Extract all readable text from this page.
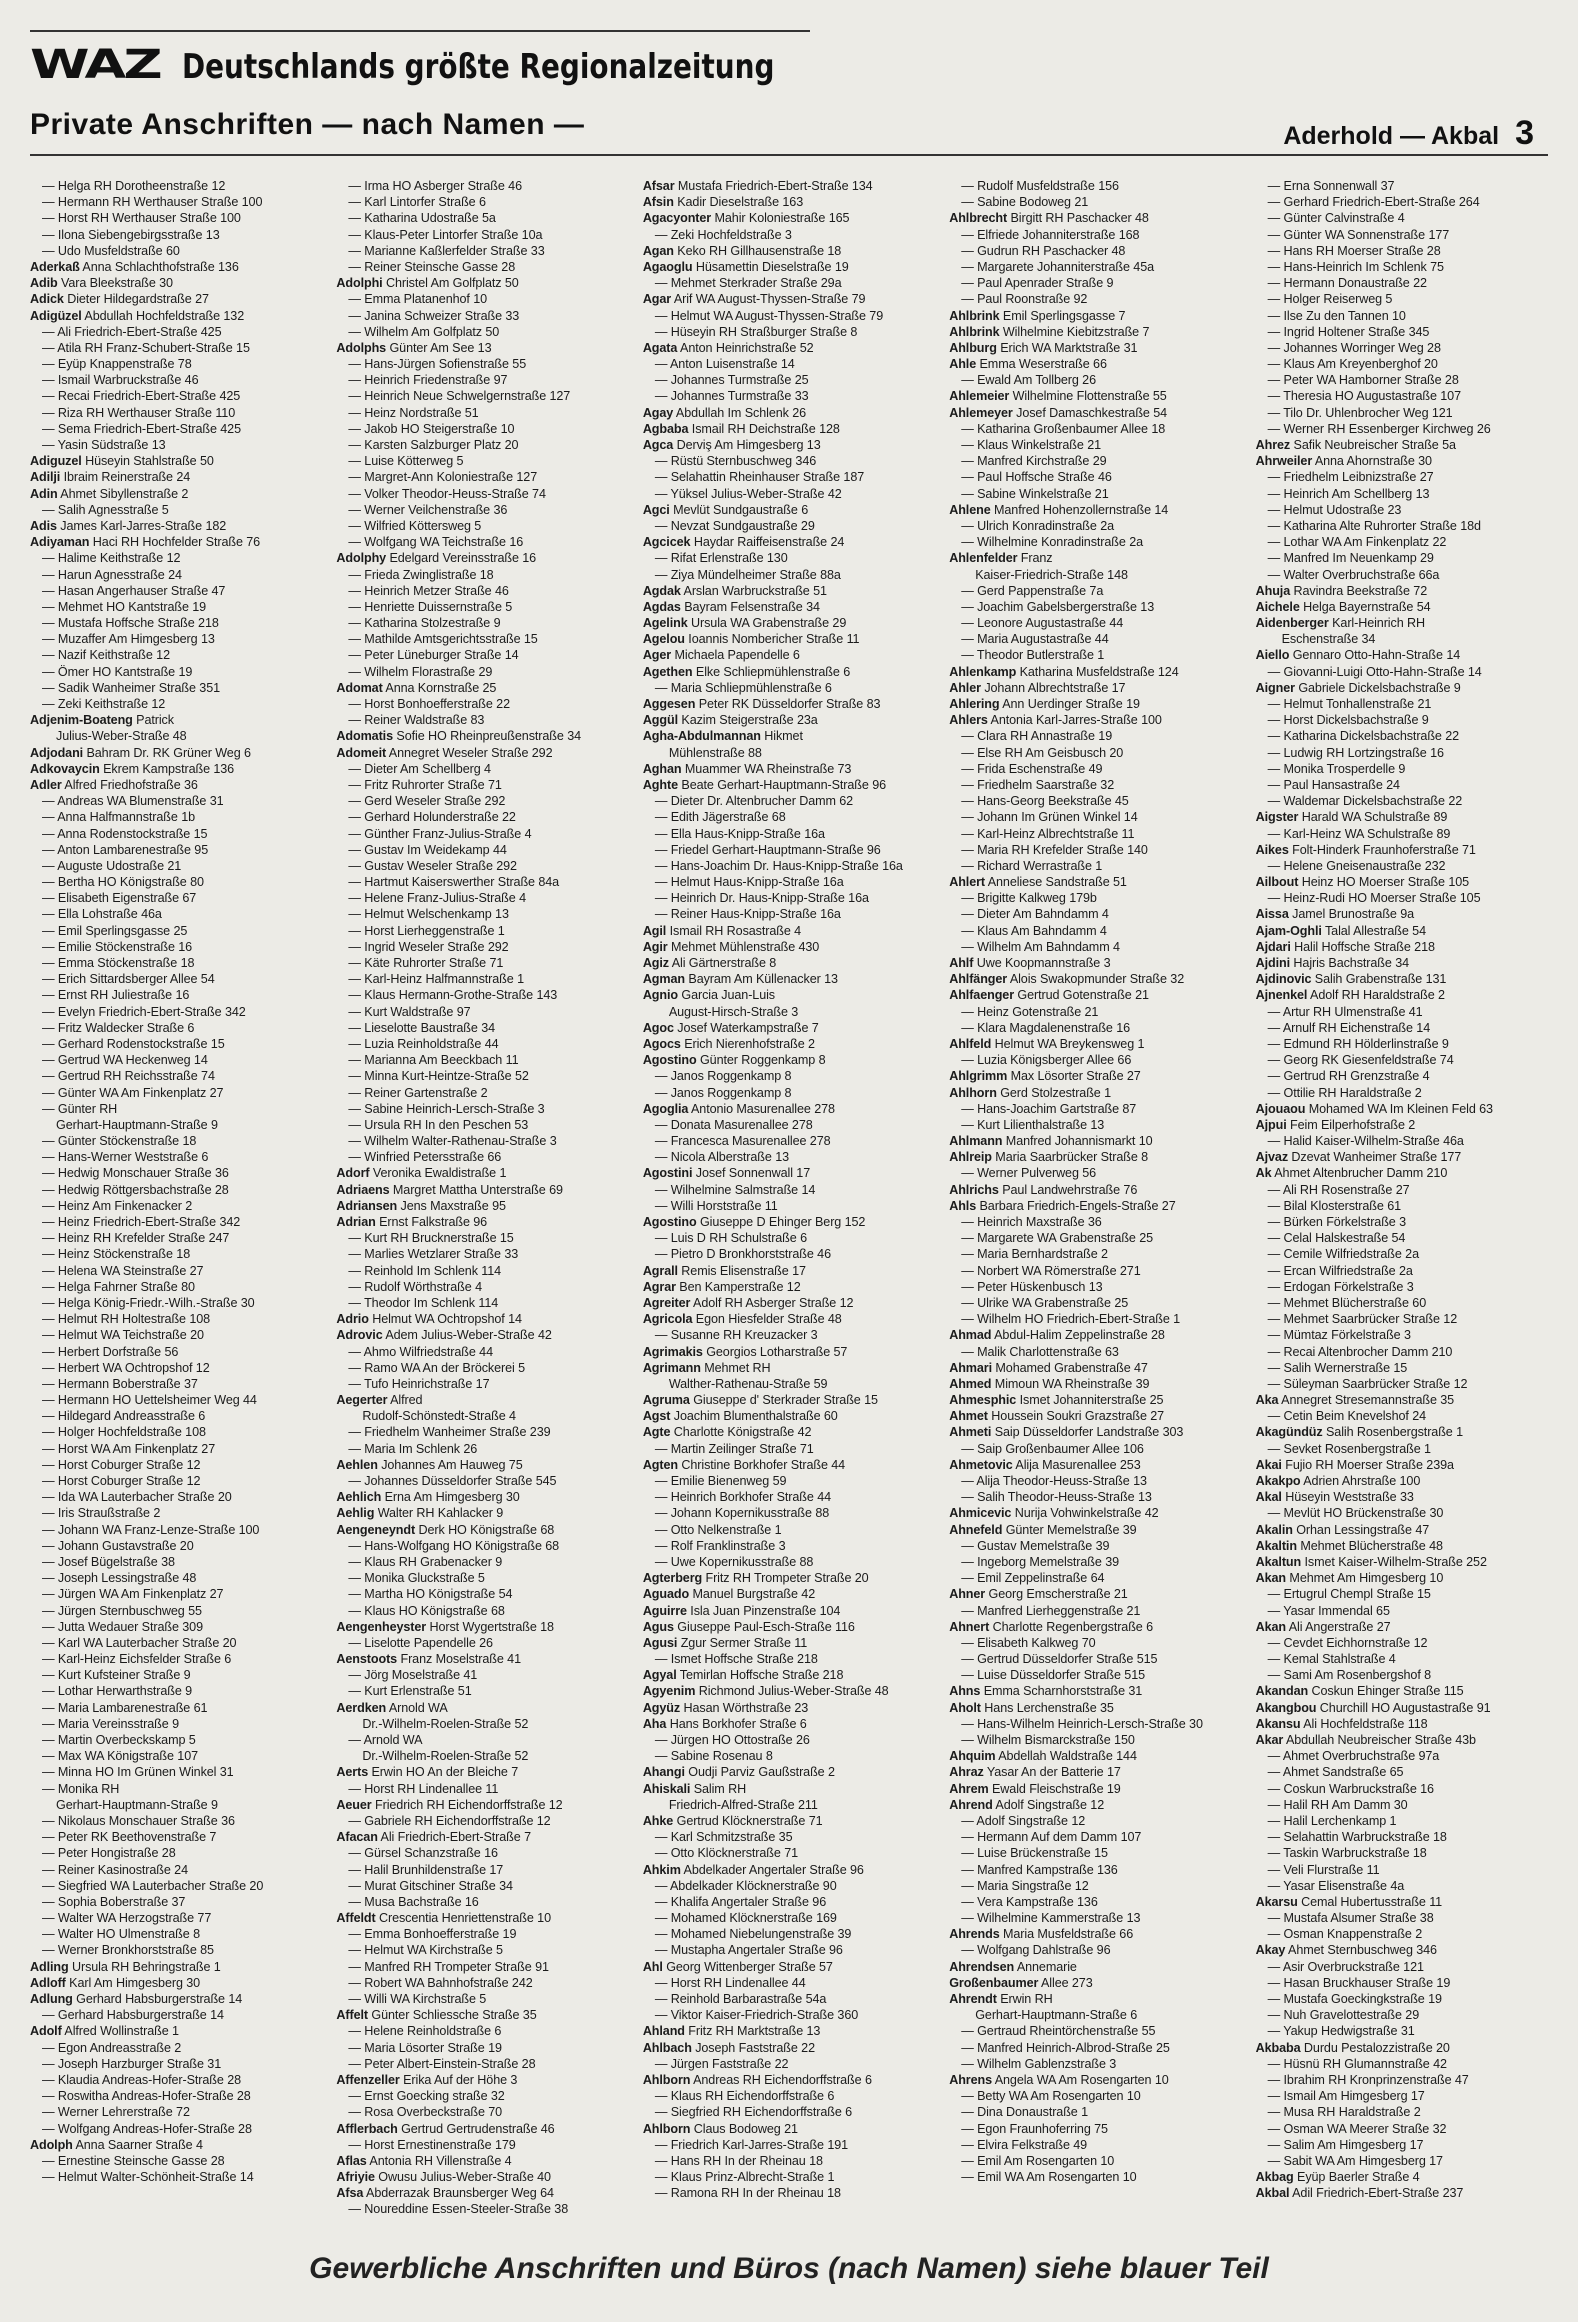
WAZ Deutschlands größte Regionalzeitung
Private Anschriften — nach Namen —	Aderhold — Akbal 3
— Helga RH Dorotheenstraße 12
— Hermann RH Werthauser Straße 100
— Horst RH Werthauser Straße 100
— Ilona Siebengebirgsstraße 13
— Udo Musfeldstraße 60
Aderkaß Anna Schlachthofstraße 136
Adib Vara Bleekstraße 30
Adick Dieter Hildegardstraße 27
Adigüzel Abdullah Hochfeldstraße 132
— Ali Friedrich-Ebert-Straße 425
— Atila RH Franz-Schubert-Straße 15
— Eyüp Knappenstraße 78
— Ismail Warbruckstraße 46
— Recai Friedrich-Ebert-Straße 425
— Riza RH Werthauser Straße 110
— Sema Friedrich-Ebert-Straße 425
— Yasin Südstraße 13
Adiguzel Hüseyin Stahlstraße 50
Adilji Ibraim Reinerstraße 24
Adin Ahmet Sibyllenstraße 2
— Salih Agnesstraße 5
Adis James Karl-Jarres-Straße 182
Adiyaman Haci RH Hochfelder Straße 76
— Halime Keithstraße 12
— Harun Agnesstraße 24
— Hasan Angerhauser Straße 47
— Mehmet HO Kantstraße 19
— Mustafa Hoffsche Straße 218
— Muzaffer Am Himgesberg 13
— Nazif Keithstraße 12
— Ömer HO Kantstraße 19
— Sadik Wanheimer Straße 351
— Zeki Keithstraße 12
Adjenim-Boateng Patrick
Julius-Weber-Straße 48
Adjodani Bahram Dr. RK Grüner Weg 6
Adkovaycin Ekrem Kampstraße 136
Adler Alfred Friedhofstraße 36
— Andreas WA Blumenstraße 31
— Anna Halfmannstraße 1b
— Anna Rodenstockstraße 15
— Anton Lambarenestraße 95
— Auguste Udostraße 21
— Bertha HO Königstraße 80
— Elisabeth Eigenstraße 67
— Ella Lohstraße 46a
— Emil Sperlingsgasse 25
— Emilie Stöckenstraße 16
— Emma Stöckenstraße 18
— Erich Sittardsberger Allee 54
— Ernst RH Juliestraße 16
— Evelyn Friedrich-Ebert-Straße 342
— Fritz Waldecker Straße 6
— Gerhard Rodenstockstraße 15
— Gertrud WA Heckenweg 14
— Gertrud RH Reichsstraße 74
— Günter WA Am Finkenplatz 27
— Günter RH
Gerhart-Hauptmann-Straße 9
— Günter Stöckenstraße 18
— Hans-Werner Weststraße 6
— Hedwig Monschauer Straße 36
— Hedwig Röttgersbachstraße 28
— Heinz Am Finkenacker 2
— Heinz Friedrich-Ebert-Straße 342
— Heinz RH Krefelder Straße 247
— Heinz Stöckenstraße 18
— Helena WA Steinstraße 27
— Helga Fahrner Straße 80
— Helga König-Friedr.-Wilh.-Straße 30
— Helmut RH Holtestraße 108
— Helmut WA Teichstraße 20
— Herbert Dorfstraße 56
— Herbert WA Ochtropshof 12
— Hermann Boberstraße 37
— Hermann HO Uettelsheimer Weg 44
— Hildegard Andreasstraße 6
— Holger Hochfeldstraße 108
— Horst WA Am Finkenplatz 27
— Horst Coburger Straße 12
— Horst Coburger Straße 12
— Ida WA Lauterbacher Straße 20
— Iris Straußstraße 2
— Johann WA Franz-Lenze-Straße 100
— Johann Gustavstraße 20
— Josef Bügelstraße 38
— Joseph Lessingstraße 48
— Jürgen WA Am Finkenplatz 27
— Jürgen Sternbuschweg 55
— Jutta Wedauer Straße 309
— Karl WA Lauterbacher Straße 20
— Karl-Heinz Eichsfelder Straße 6
— Kurt Kufsteiner Straße 9
— Lothar Herwarthstraße 9
— Maria Lambarenestraße 61
— Maria Vereinsstraße 9
— Martin Overbeckskamp 5
— Max WA Königstraße 107
— Minna HO Im Grünen Winkel 31
— Monika RH
Gerhart-Hauptmann-Straße 9
— Nikolaus Monschauer Straße 36
— Peter RK Beethovenstraße 7
— Peter Hongistraße 28
— Reiner Kasinostraße 24
— Siegfried WA Lauterbacher Straße 20
— Sophia Boberstraße 37
— Walter WA Herzogstraße 77
— Walter HO Ulmenstraße 8
— Werner Bronkhorststraße 85
Adling Ursula RH Behringstraße 1
Adloff Karl Am Himgesberg 30
Adlung Gerhard Habsburgerstraße 14
— Gerhard Habsburgerstraße 14
Adolf Alfred Wollinstraße 1
— Egon Andreasstraße 2
— Joseph Harzburger Straße 31
— Klaudia Andreas-Hofer-Straße 28
— Roswitha Andreas-Hofer-Straße 28
— Werner Lehrerstraße 72
— Wolfgang Andreas-Hofer-Straße 28
Adolph Anna Saarner Straße 4
— Ernestine Steinsche Gasse 28
— Helmut Walter-Schönheit-Straße 14
— Irma HO Asberger Straße 46
— Karl Lintorfer Straße 6
— Katharina Udostraße 5a
— Klaus-Peter Lintorfer Straße 10a
— Marianne Kaßlerfelder Straße 33
— Reiner Steinsche Gasse 28
Adolphi Christel Am Golfplatz 50
— Emma Platanenhof 10
— Janina Schweizer Straße 33
— Wilhelm Am Golfplatz 50
Adolphs Günter Am See 13
— Hans-Jürgen Sofienstraße 55
— Heinrich Friedenstraße 97
— Heinrich Neue Schwelgernstraße 127
— Heinz Nordstraße 51
— Jakob HO Steigerstraße 10
— Karsten Salzburger Platz 20
— Luise Kötterweg 5
— Margret-Ann Koloniestraße 127
— Volker Theodor-Heuss-Straße 74
— Werner Veilchenstraße 36
— Wilfried Köttersweg 5
— Wolfgang WA Teichstraße 16
Adolphy Edelgard Vereinsstraße 16
— Frieda Zwinglistraße 18
— Heinrich Metzer Straße 46
— Henriette Duissernstraße 5
— Katharina Stolzestraße 9
— Mathilde Amtsgerichtsstraße 15
— Peter Lüneburger Straße 14
— Wilhelm Florastraße 29
Adomat Anna Kornstraße 25
— Horst Bonhoefferstraße 22
— Reiner Waldstraße 83
Adomatis Sofie HO Rheinpreußenstraße 34
Adomeit Annegret Weseler Straße 292
— Dieter Am Schellberg 4
— Fritz Ruhrorter Straße 71
— Gerd Weseler Straße 292
— Gerhard Holunderstraße 22
— Günther Franz-Julius-Straße 4
— Gustav Im Weidekamp 44
— Gustav Weseler Straße 292
— Hartmut Kaiserswerther Straße 84a
— Helene Franz-Julius-Straße 4
— Helmut Welschenkamp 13
— Horst Lierheggenstraße 1
— Ingrid Weseler Straße 292
— Käte Ruhrorter Straße 71
— Karl-Heinz Halfmannstraße 1
— Klaus Hermann-Grothe-Straße 143
— Kurt Waldstraße 97
— Lieselotte Baustraße 34
— Luzia Reinholdstraße 44
— Marianna Am Beeckbach 11
— Minna Kurt-Heintze-Straße 52
— Reiner Gartenstraße 2
— Sabine Heinrich-Lersch-Straße 3
— Ursula RH In den Peschen 53
— Wilhelm Walter-Rathenau-Straße 3
— Winfried Petersstraße 66
Adorf Veronika Ewaldistraße 1
Adriaens Margret Mattha Unterstraße 69
Adriansen Jens Maxstraße 95
Adrian Ernst Falkstraße 96
— Kurt RH Brucknerstraße 15
— Marlies Wetzlarer Straße 33
— Reinhold Im Schlenk 114
— Rudolf Wörthstraße 4
— Theodor Im Schlenk 114
Adrio Helmut WA Ochtropshof 14
Adrovic Adem Julius-Weber-Straße 42
— Ahmo Wilfriedstraße 44
— Ramo WA An der Bröckerei 5
— Tufo Heinrichstraße 17
Aegerter Alfred
Rudolf-Schönstedt-Straße 4
— Friedhelm Wanheimer Straße 239
— Maria Im Schlenk 26
Aehlen Johannes Am Hauweg 75
— Johannes Düsseldorfer Straße 545
Aehlich Erna Am Himgesberg 30
Aehlig Walter RH Kahlacker 9
Aengeneyndt Derk HO Königstraße 68
— Hans-Wolfgang HO Königstraße 68
— Klaus RH Grabenacker 9
— Monika Gluckstraße 5
— Martha HO Königstraße 54
— Klaus HO Königstraße 68
Aengenheyster Horst Wygertstraße 18
— Liselotte Papendelle 26
Aenstoots Franz Moselstraße 41
— Jörg Moselstraße 41
— Kurt Erlenstraße 51
Aerdken Arnold WA
Dr.-Wilhelm-Roelen-Straße 52
— Arnold WA
Dr.-Wilhelm-Roelen-Straße 52
Aerts Erwin HO An der Bleiche 7
— Horst RH Lindenallee 11
Aeuer Friedrich RH Eichendorffstraße 12
— Gabriele RH Eichendorffstraße 12
Afacan Ali Friedrich-Ebert-Straße 7
— Gürsel Schanzstraße 16
— Halil Brunhildenstraße 17
— Murat Gitschiner Straße 34
— Musa Bachstraße 16
Affeldt Crescentia Henriettenstraße 10
— Emma Bonhoefferstraße 19
— Helmut WA Kirchstraße 5
— Manfred RH Trompeter Straße 91
— Robert WA Bahnhofstraße 242
— Willi WA Kirchstraße 5
Affelt Günter Schliessche Straße 35
— Helene Reinholdstraße 6
— Maria Lösorter Straße 19
— Peter Albert-Einstein-Straße 28
Affenzeller Erika Auf der Höhe 3
— Ernst Goecking straße 32
— Rosa Overbeckstraße 70
Afflerbach Gertrud Gertrudenstraße 46
— Horst Ernestinenstraße 179
Aflas Antonia RH Villenstraße 4
Afriyie Owusu Julius-Weber-Straße 40
Afsa Abderrazak Braunsberger Weg 64
— Noureddine Essen-Steeler-Straße 38
Afsar Mustafa Friedrich-Ebert-Straße 134
Afsin Kadir Dieselstraße 163
Agacyonter Mahir Koloniestraße 165
— Zeki Hochfeldstraße 3
Agan Keko RH Gillhausenstraße 18
Agaoglu Hüsamettin Dieselstraße 19
— Mehmet Sterkrader Straße 29a
Agar Arif WA August-Thyssen-Straße 79
— Helmut WA August-Thyssen-Straße 79
— Hüseyin RH Straßburger Straße 8
Agata Anton Heinrichstraße 52
— Anton Luisenstraße 14
— Johannes Turmstraße 25
— Johannes Turmstraße 33
Agay Abdullah Im Schlenk 26
Agbaba Ismail RH Deichstraße 128
Agca Derviş Am Himgesberg 13
— Rüstü Sternbuschweg 346
— Selahattin Rheinhauser Straße 187
— Yüksel Julius-Weber-Straße 42
Agci Mevlüt Sundgaustraße 6
— Nevzat Sundgaustraße 29
Agcicek Haydar Raiffeisenstraße 24
— Rifat Erlenstraße 130
— Ziya Mündelheimer Straße 88a
Agdak Arslan Warbruckstraße 51
Agdas Bayram Felsenstraße 34
Agelink Ursula WA Grabenstraße 29
Agelou Ioannis Nombericher Straße 11
Ager Michaela Papendelle 6
Agethen Elke Schliepmühlenstraße 6
— Maria Schliepmühlenstraße 6
Aggesen Peter RK Düsseldorfer Straße 83
Aggül Kazim Steigerstraße 23a
Agha-Abdulmannan Hikmet
Mühlenstraße 88
Aghan Muammer WA Rheinstraße 73
Aghte Beate Gerhart-Hauptmann-Straße 96
— Dieter Dr. Altenbrucher Damm 62
— Edith Jägerstraße 68
— Ella Haus-Knipp-Straße 16a
— Friedel Gerhart-Hauptmann-Straße 96
— Hans-Joachim Dr. Haus-Knipp-Straße 16a
— Helmut Haus-Knipp-Straße 16a
— Heinrich Dr. Haus-Knipp-Straße 16a
— Reiner Haus-Knipp-Straße 16a
Agil Ismail RH Rosastraße 4
Agir Mehmet Mühlenstraße 430
Agiz Ali Gärtnerstraße 8
Agman Bayram Am Küllenacker 13
Agnio Garcia Juan-Luis
August-Hirsch-Straße 3
Agoc Josef Waterkampstraße 7
Agocs Erich Nierenhofstraße 2
Agostino Günter Roggenkamp 8
— Janos Roggenkamp 8
— Janos Roggenkamp 8
Agoglia Antonio Masurenallee 278
— Donata Masurenallee 278
— Francesca Masurenallee 278
— Nicola Alberstraße 13
Agostini Josef Sonnenwall 17
— Wilhelmine Salmstraße 14
— Willi Horststraße 11
Agostino Giuseppe D Ehinger Berg 152
— Luis D RH Schulstraße 6
— Pietro D Bronkhorststraße 46
Agrall Remis Elisenstraße 17
Agrar Ben Kamperstraße 12
Agreiter Adolf RH Asberger Straße 12
Agricola Egon Hiesfelder Straße 48
— Susanne RH Kreuzacker 3
Agrimakis Georgios Lotharstraße 57
Agrimann Mehmet RH
Walther-Rathenau-Straße 59
Agruma Giuseppe d' Sterkrader Straße 15
Agst Joachim Blumenthalstraße 60
Agte Charlotte Königstraße 42
— Martin Zeilinger Straße 71
Agten Christine Borkhofer Straße 44
— Emilie Bienenweg 59
— Heinrich Borkhofer Straße 44
— Johann Kopernikusstraße 88
— Otto Nelkenstraße 1
— Rolf Franklinstraße 3
— Uwe Kopernikusstraße 88
Agterberg Fritz RH Trompeter Straße 20
Aguado Manuel Burgstraße 42
Aguirre Isla Juan Pinzenstraße 104
Agus Giuseppe Paul-Esch-Straße 116
Agusi Zgur Sermer Straße 11
— Ismet Hoffsche Straße 218
Agyal Temirlan Hoffsche Straße 218
Agyenim Richmond Julius-Weber-Straße 48
Agyüz Hasan Wörthstraße 23
Aha Hans Borkhofer Straße 6
— Jürgen HO Ottostraße 26
— Sabine Rosenau 8
Ahangi Oudji Parviz Gaußstraße 2
Ahiskali Salim RH
Friedrich-Alfred-Straße 211
Ahke Gertrud Klöcknerstraße 71
— Karl Schmitzstraße 35
— Otto Klöcknerstraße 71
Ahkim Abdelkader Angertaler Straße 96
— Abdelkader Klöcknerstraße 90
— Khalifa Angertaler Straße 96
— Mohamed Klöcknerstraße 169
— Mohamed Niebelungenstraße 39
— Mustapha Angertaler Straße 96
Ahl Georg Wittenberger Straße 57
— Horst RH Lindenallee 44
— Reinhold Barbarastraße 54a
— Viktor Kaiser-Friedrich-Straße 360
Ahland Fritz RH Marktstraße 13
Ahlbach Joseph Faststraße 22
— Jürgen Faststraße 22
Ahlborn Andreas RH Eichendorffstraße 6
— Klaus RH Eichendorffstraße 6
— Siegfried RH Eichendorffstraße 6
Ahlborn Claus Bodoweg 21
— Friedrich Karl-Jarres-Straße 191
— Hans RH In der Rheinau 18
— Klaus Prinz-Albrecht-Straße 1
— Ramona RH In der Rheinau 18
— Rudolf Musfeldstraße 156
— Sabine Bodoweg 21
Ahlbrecht Birgitt RH Paschacker 48
— Elfriede Johanniterstraße 168
— Gudrun RH Paschacker 48
— Margarete Johanniterstraße 45a
— Paul Apenrader Straße 9
— Paul Roonstraße 92
Ahlbrink Emil Sperlingsgasse 7
Ahlbrink Wilhelmine Kiebitzstraße 7
Ahlburg Erich WA Marktstraße 31
Ahle Emma Weserstraße 66
— Ewald Am Tollberg 26
Ahlemeier Wilhelmine Flottenstraße 55
Ahlemeyer Josef Damaschkestraße 54
— Katharina Großenbaumer Allee 18
— Klaus Winkelstraße 21
— Manfred Kirchstraße 29
— Paul Hoffsche Straße 46
— Sabine Winkelstraße 21
Ahlene Manfred Hohenzollernstraße 14
— Ulrich Konradinstraße 2a
— Wilhelmine Konradinstraße 2a
Ahlenfelder Franz
Kaiser-Friedrich-Straße 148
— Gerd Pappenstraße 7a
— Joachim Gabelsbergerstraße 13
— Leonore Augustastraße 44
— Maria Augustastraße 44
— Theodor Butlerstraße 1
Ahlenkamp Katharina Musfeldstraße 124
Ahler Johann Albrechtstraße 17
Ahlering Ann Uerdinger Straße 19
Ahlers Antonia Karl-Jarres-Straße 100
— Clara RH Annastraße 19
— Else RH Am Geisbusch 20
— Frida Eschenstraße 49
— Friedhelm Saarstraße 32
— Hans-Georg Beekstraße 45
— Johann Im Grünen Winkel 14
— Karl-Heinz Albrechtstraße 11
— Maria RH Krefelder Straße 140
— Richard Werrastraße 1
Ahlert Anneliese Sandstraße 51
— Brigitte Kalkweg 179b
— Dieter Am Bahndamm 4
— Klaus Am Bahndamm 4
— Wilhelm Am Bahndamm 4
Ahlf Uwe Koopmannstraße 3
Ahlfänger Alois Swakopmunder Straße 32
Ahlfaenger Gertrud Gotenstraße 21
— Heinz Gotenstraße 21
— Klara Magdalenenstraße 16
Ahlfeld Helmut WA Breykensweg 1
— Luzia Königsberger Allee 66
Ahlgrimm Max Lösorter Straße 27
Ahlhorn Gerd Stolzestraße 1
— Hans-Joachim Gartstraße 87
— Kurt Lilienthalstraße 13
Ahlmann Manfred Johannismarkt 10
Ahlreip Maria Saarbrücker Straße 8
— Werner Pulverweg 56
Ahlrichs Paul Landwehrstraße 76
Ahls Barbara Friedrich-Engels-Straße 27
— Heinrich Maxstraße 36
— Margarete WA Grabenstraße 25
— Maria Bernhardstraße 2
— Norbert WA Römerstraße 271
— Peter Hüskenbusch 13
— Ulrike WA Grabenstraße 25
— Wilhelm HO Friedrich-Ebert-Straße 1
Ahmad Abdul-Halim Zeppelinstraße 28
— Malik Charlottenstraße 63
Ahmari Mohamed Grabenstraße 47
Ahmed Mimoun WA Rheinstraße 39
Ahmesphic Ismet Johanniterstraße 25
Ahmet Houssein Soukri Grazstraße 27
Ahmeti Saip Düsseldorfer Landstraße 303
— Saip Großenbaumer Allee 106
Ahmetovic Alija Masurenallee 253
— Alija Theodor-Heuss-Straße 13
— Salih Theodor-Heuss-Straße 13
Ahmicevic Nurija Vohwinkelstraße 42
Ahnefeld Günter Memelstraße 39
— Gustav Memelstraße 39
— Ingeborg Memelstraße 39
— Emil Zeppelinstraße 64
Ahner Georg Emscherstraße 21
— Manfred Lierheggenstraße 21
Ahnert Charlotte Regenbergstraße 6
— Elisabeth Kalkweg 70
— Gertrud Düsseldorfer Straße 515
— Luise Düsseldorfer Straße 515
Ahns Emma Scharnhorststraße 31
Aholt Hans Lerchenstraße 35
— Hans-Wilhelm Heinrich-Lersch-Straße 30
— Wilhelm Bismarckstraße 150
Ahquim Abdellah Waldstraße 144
Ahraz Yasar An der Batterie 17
Ahrem Ewald Fleischstraße 19
Ahrend Adolf Singstraße 12
— Adolf Singstraße 12
— Hermann Auf dem Damm 107
— Luise Brückenstraße 15
— Manfred Kampstraße 136
— Maria Singstraße 12
— Vera Kampstraße 136
— Wilhelmine Kammerstraße 13
Ahrends Maria Musfeldstraße 66
— Wolfgang Dahlstraße 96
Ahrendsen Annemarie
Großenbaumer Allee 273
Ahrendt Erwin RH
Gerhart-Hauptmann-Straße 6
— Gertraud Rheintörchenstraße 55
— Manfred Heinrich-Albrod-Straße 25
— Wilhelm Gablenzstraße 3
Ahrens Angela WA Am Rosengarten 10
— Betty WA Am Rosengarten 10
— Dina Donaustraße 1
— Egon Fraunhoferring 75
— Elvira Felkstraße 49
— Emil Am Rosengarten 10
— Emil WA Am Rosengarten 10
— Erna Sonnenwall 37
— Gerhard Friedrich-Ebert-Straße 264
— Günter Calvinstraße 4
— Günter WA Sonnenstraße 177
— Hans RH Moerser Straße 28
— Hans-Heinrich Im Schlenk 75
— Hermann Donaustraße 22
— Holger Reiserweg 5
— Ilse Zu den Tannen 10
— Ingrid Holtener Straße 345
— Johannes Worringer Weg 28
— Klaus Am Kreyenberghof 20
— Peter WA Hamborner Straße 28
— Theresia HO Augustastraße 107
— Tilo Dr. Uhlenbrocher Weg 121
— Werner RH Essenberger Kirchweg 26
Ahrez Safik Neubreischer Straße 5a
Ahrweiler Anna Ahornstraße 30
— Friedhelm Leibnizstraße 27
— Heinrich Am Schellberg 13
— Helmut Udostraße 23
— Katharina Alte Ruhrorter Straße 18d
— Lothar WA Am Finkenplatz 22
— Manfred Im Neuenkamp 29
— Walter Overbruchstraße 66a
Ahuja Ravindra Beekstraße 72
Aichele Helga Bayernstraße 54
Aidenberger Karl-Heinrich RH
Eschenstraße 34
Aiello Gennaro Otto-Hahn-Straße 14
— Giovanni-Luigi Otto-Hahn-Straße 14
Aigner Gabriele Dickelsbachstraße 9
— Helmut Tonhallenstraße 21
— Horst Dickelsbachstraße 9
— Katharina Dickelsbachstraße 22
— Ludwig RH Lortzingstraße 16
— Monika Trosperdelle 9
— Paul Hansastraße 24
— Waldemar Dickelsbachstraße 22
Aigster Harald WA Schulstraße 89
— Karl-Heinz WA Schulstraße 89
Aikes Folt-Hinderk Fraunhoferstraße 71
— Helene Gneisenaustraße 232
Ailbout Heinz HO Moerser Straße 105
— Heinz-Rudi HO Moerser Straße 105
Aissa Jamel Brunostraße 9a
Ajam-Oghli Talal Allestraße 54
Ajdari Halil Hoffsche Straße 218
Ajdini Hajris Bachstraße 34
Ajdinovic Salih Grabenstraße 131
Ajnenkel Adolf RH Haraldstraße 2
— Artur RH Ulmenstraße 41
— Arnulf RH Eichenstraße 14
— Edmund RH Hölderlinstraße 9
— Georg RK Giesenfeldstraße 74
— Gertrud RH Grenzstraße 4
— Ottilie RH Haraldstraße 2
Ajouaou Mohamed WA Im Kleinen Feld 63
Ajpui Feim Eilperhofstraße 2
— Halid Kaiser-Wilhelm-Straße 46a
Ajvaz Dzevat Wanheimer Straße 177
Ak Ahmet Altenbrucher Damm 210
— Ali RH Rosenstraße 27
— Bilal Klosterstraße 61
— Bürken Förkelstraße 3
— Celal Halskestraße 54
— Cemile Wilfriedstraße 2a
— Ercan Wilfriedstraße 2a
— Erdogan Förkelstraße 3
— Mehmet Blücherstraße 60
— Mehmet Saarbrücker Straße 12
— Mümtaz Förkelstraße 3
— Recai Altenbrocher Damm 210
— Salih Wernerstraße 15
— Süleyman Saarbrücker Straße 12
Aka Annegret Stresemannstraße 35
— Cetin Beim Knevelshof 24
Akagündüz Salih Rosenbergstraße 1
— Sevket Rosenbergstraße 1
Akai Fujio RH Moerser Straße 239a
Akakpo Adrien Ahrstraße 100
Akal Hüseyin Weststraße 33
— Mevlüt HO Brückenstraße 30
Akalin Orhan Lessingstraße 47
Akaltin Mehmet Blücherstraße 48
Akaltun Ismet Kaiser-Wilhelm-Straße 252
Akan Mehmet Am Himgesberg 10
— Ertugrul Chempl Straße 15
— Yasar Immendal 65
Akan Ali Angerstraße 27
— Cevdet Eichhornstraße 12
— Kemal Stahlstraße 4
— Sami Am Rosenbergshof 8
Akandan Coskun Ehinger Straße 115
Akangbou Churchill HO Augustastraße 91
Akansu Ali Hochfeldstraße 118
Akar Abdullah Neubreischer Straße 43b
— Ahmet Overbruchstraße 97a
— Ahmet Sandstraße 65
— Coskun Warbruckstraße 16
— Halil RH Am Damm 30
— Halil Lerchenkamp 1
— Selahattin Warbruckstraße 18
— Taskin Warbruckstraße 18
— Veli Flurstraße 11
— Yasar Elisenstraße 4a
Akarsu Cemal Hubertusstraße 11
— Mustafa Alsumer Straße 38
— Osman Knappenstraße 2
Akay Ahmet Sternbuschweg 346
— Asir Overbruckstraße 121
— Hasan Bruckhauser Straße 19
— Mustafa Goeckingkstraße 19
— Nuh Gravelottestraße 29
— Yakup Hedwigstraße 31
Akbaba Durdu Pestalozzistraße 20
— Hüsnü RH Glumannstraße 42
— Ibrahim RH Kronprinzenstraße 47
— Ismail Am Himgesberg 17
— Musa RH Haraldstraße 2
— Osman WA Meerer Straße 32
— Salim Am Himgesberg 17
— Sabit WA Am Himgesberg 17
Akbag Eyüp Baerler Straße 4
Akbal Adil Friedrich-Ebert-Straße 237
Gewerbliche Anschriften und Büros (nach Namen) siehe blauer Teil
